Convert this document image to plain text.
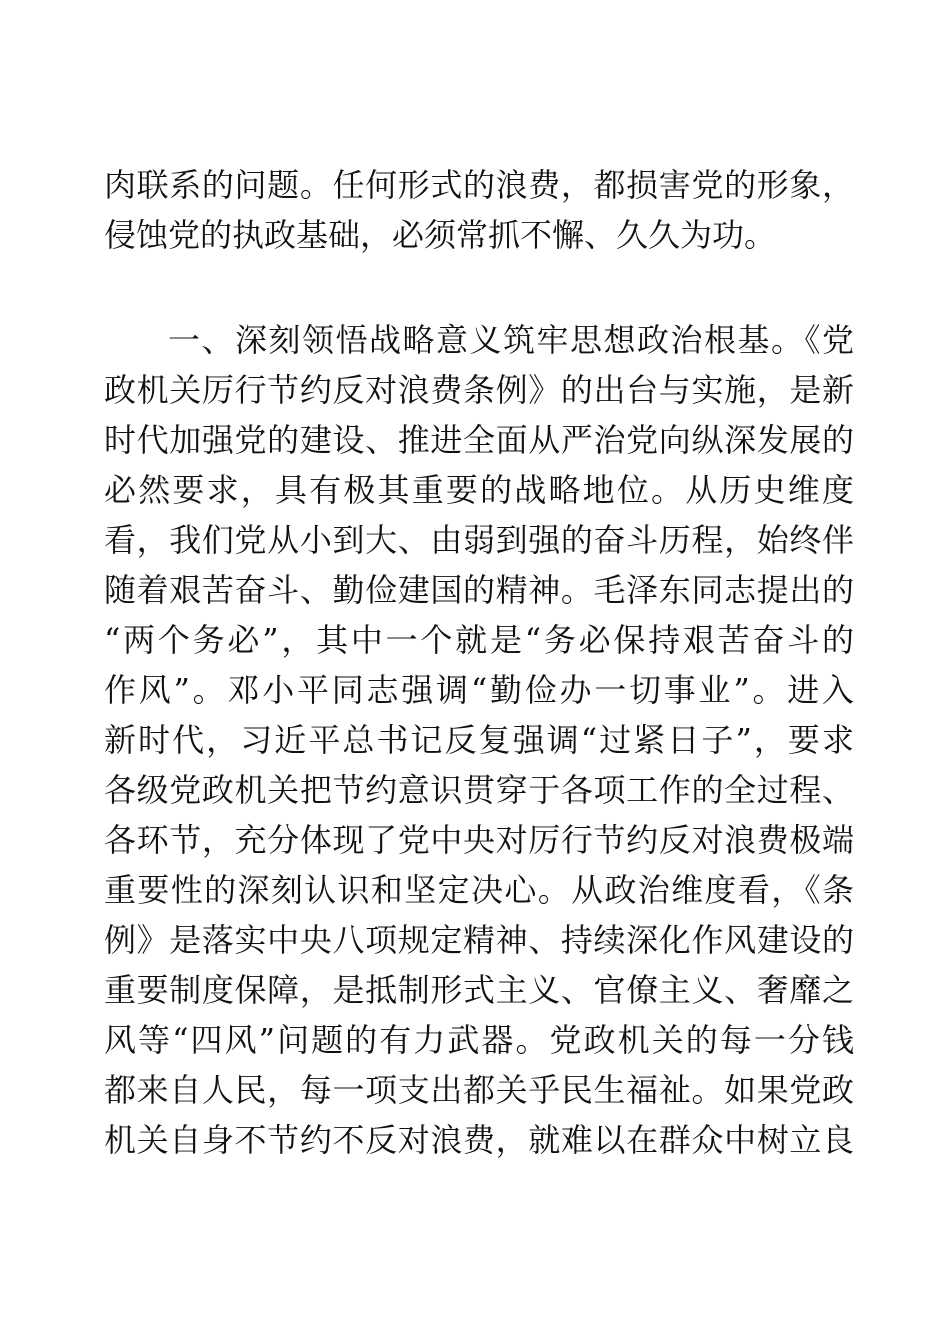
肉联系的问题。任何形式的浪费，都损害党的形象，
侵蚀党的执政基础，必须常抓不懈、久久为功。
一、深刻领悟战略意义筑牢思想政治根基。《党
政机关厉行节约反对浪费条例》的出台与实施，是新
时代加强党的建设、推进全面从严治党向纵深发展的
必然要求，具有极其重要的战略地位。从历史维度
看，我们党从小到大、由弱到强的奋斗历程，始终伴
随着艰苦奋斗、勤俭建国的精神。毛泽东同志提出的
“两个务必”，其中一个就是“务必保持艰苦奋斗的
作风”。邓小平同志强调“勤俭办一切事业”。进入
新时代，习近平总书记反复强调“过紧日子”，要求
各级党政机关把节约意识贯穿于各项工作的全过程、
各环节，充分体现了党中央对厉行节约反对浪费极端
重要性的深刻认识和坚定决心。从政治维度看，《条
例》是落实中央八项规定精神、持续深化作风建设的
重要制度保障，是抵制形式主义、官僚主义、奢靡之
风等“四风”问题的有力武器。党政机关的每一分钱
都来自人民，每一项支出都关乎民生福祉。如果党政
机关自身不节约不反对浪费，就难以在群众中树立良
